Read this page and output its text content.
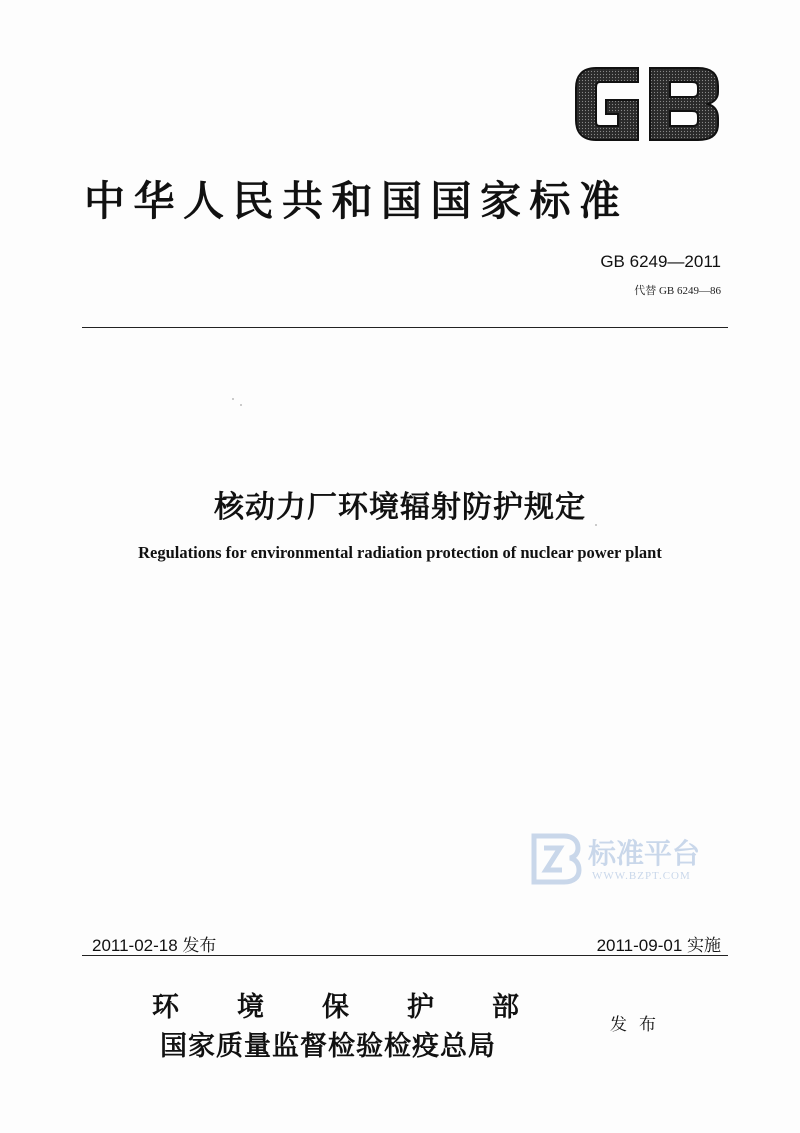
中华人民共和国国家标准
GB 6249—2011
代替 GB 6249—86
核动力厂环境辐射防护规定
Regulations for environmental radiation protection of nuclear power plant
标准平台
WWW.BZPT.COM
2011-02-18 发布	2011-09-01 实施
环境保护部
国家质量监督检验检疫总局
发布
